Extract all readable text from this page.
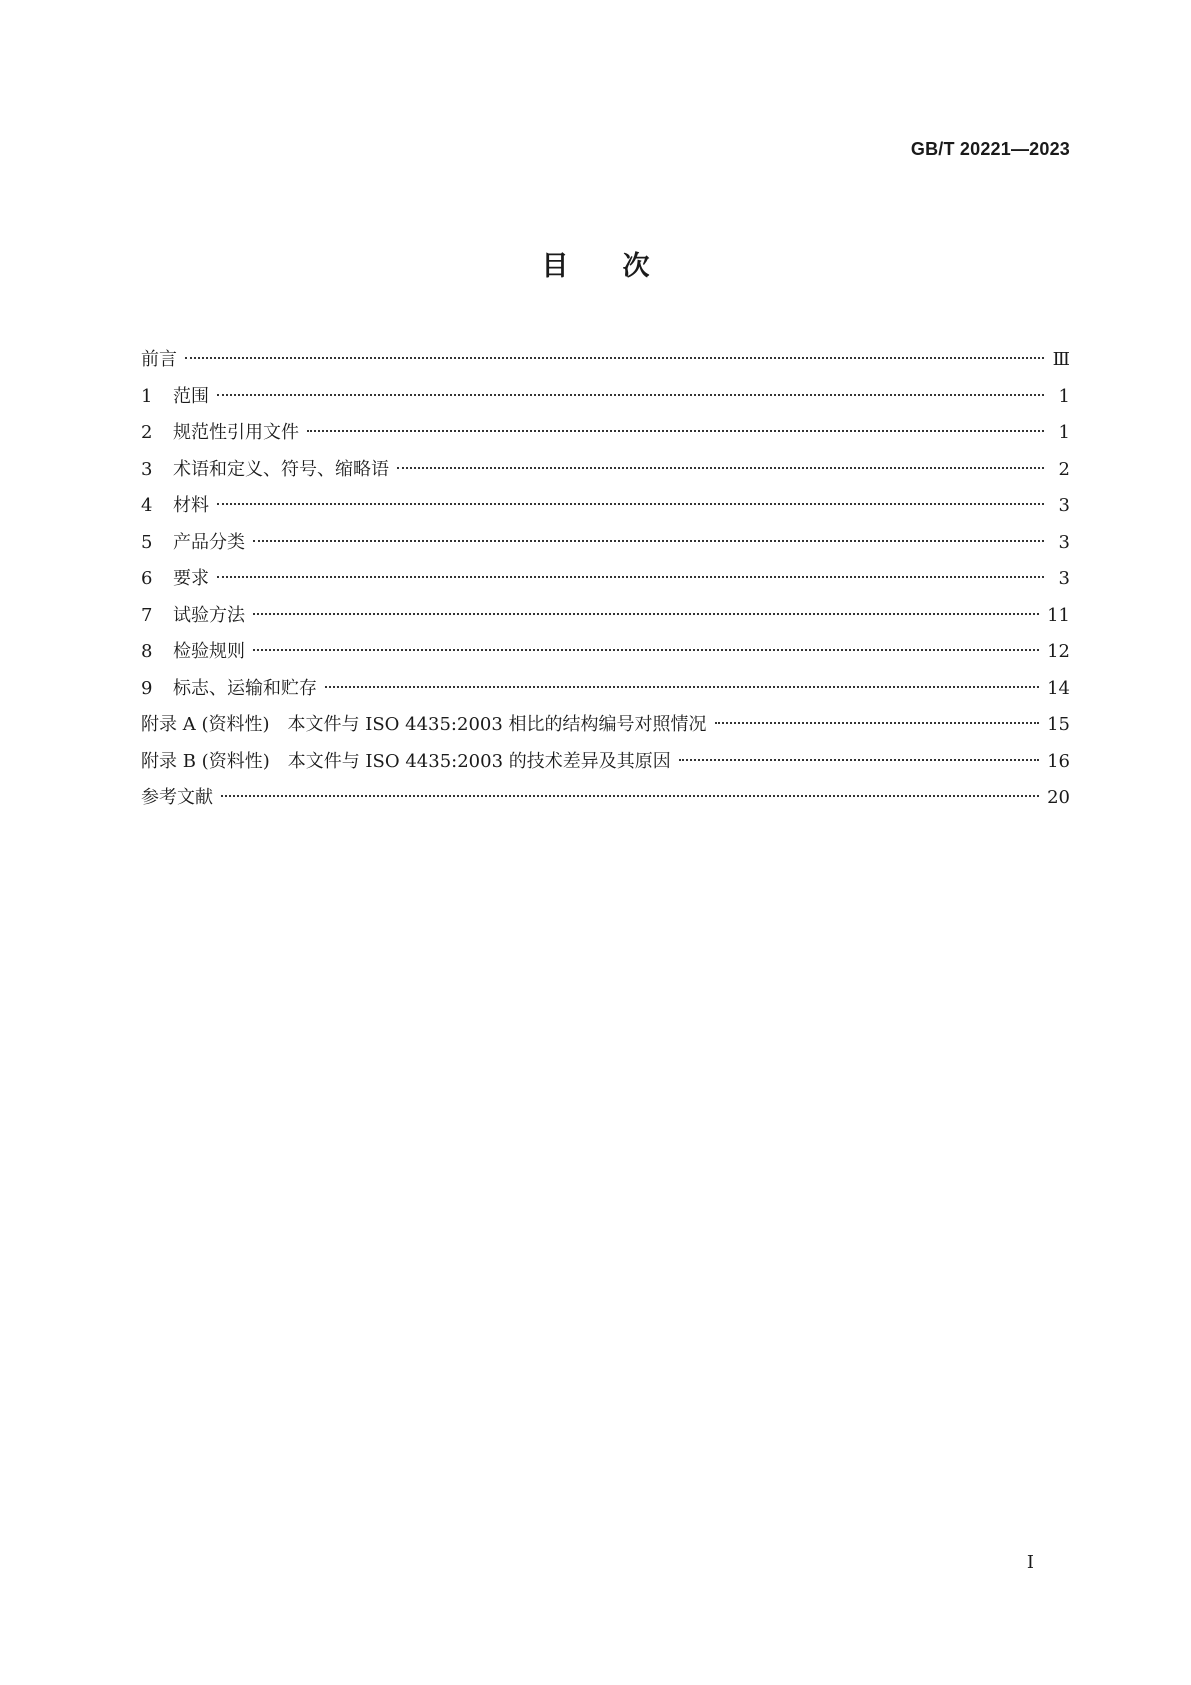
GB/T 20221—2023
目次
前言	Ⅲ
1	范围	1
2	规范性引用文件	1
3	术语和定义、符号、缩略语	2
4	材料	3
5	产品分类	3
6	要求	3
7	试验方法	11
8	检验规则	12
9	标志、运输和贮存	14
附录 A (资料性)　本文件与 ISO 4435:2003 相比的结构编号对照情况	15
附录 B (资料性)　本文件与 ISO 4435:2003 的技术差异及其原因	16
参考文献	20
I
